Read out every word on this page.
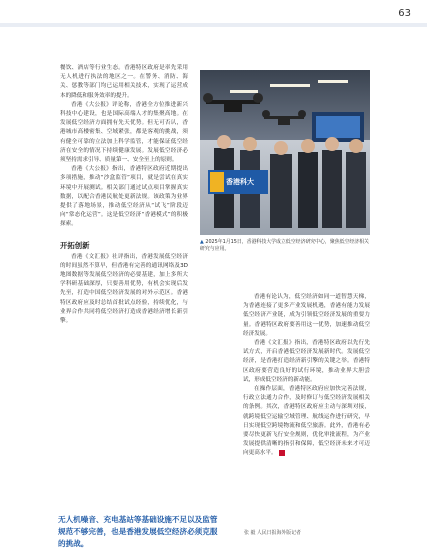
63

餐饮、酒店等行业生态。香港特区政府是率先采用无人机进行执法的地区之一。在警务、消防、海关、惩教等部门均已运用相关技术，实现了运营成本的降低和服务效率的提升。

香港《大公报》评论称，香港全方位推进新兴科技中心建设，也是国际高端人才的集聚高地。在发展低空经济方面拥有先天优势。但无可否认，香港城市高楼密集、空域紧张，都是客观的挑战，须有健全可靠的立法加上科学监管，才能保证低空经济在安全的情况下持续健康发展。发展低空经济必须坚持需求引导、质量第一、安全至上的原则。

香港《大公报》指出，香港特区政府近期提出多项措施，推动“沙盒监管”项目，就是尝试在真实环境中开展测试。相关部门通过试点项目掌握真实数据，以配合香港民航处更新法规。该政策为业界提供了落地场景，推动低空经济从“试飞”阶段迈向“常态化运营”。这是低空经济“香港模式”的积极探索。

开拓创新

香港《文汇报》社评指出，香港发展低空经济的时间虽然不算早，但香港有完善的通讯网络及3D地图数据等发展低空经济的必要基建，加上多所大学科研基础深厚，只要善用优势，有机会实现后发先至，打造中国低空经济发展的对外示范区。香港特区政府应及时总结首批试点经验，持续优化，与业界合作共同将低空经济打造成香港经济增长新引擎。

香港科大
▲ 2025年1月15日，香港科技大学成立低空经济研究中心，聚焦低空经济相关研究与应用。

香港有论认为，低空经济如同一道智慧天梯，为香港连接了更多产业发展机遇，香港有能力发展低空经济产业链，成为引领低空经济发展的重要力量。香港特区政府要善用这一优势，加速推动低空经济发展。

香港《文汇报》指出，香港特区政府以先行先试方式，开启香港低空经济发展新时代。发展低空经济，是香港打造经济新引擎的关键之举。香港特区政府要营造良好的试行环境，推动业界大胆尝试，形成低空经济的新动能。

在操作层面，香港特区政府应加快完善法规，行政立法通力合作，及时修订与低空经济发展相关的条例。其次，香港特区政府应主动与深圳对接，就跨境低空运输空域管理、航线运作进行研究，早日实现低空跨境物流和低空旅游。此外，香港有必要尽快更新飞行安全规则，优化审批流程，为产业发展提供清晰的指引和保障，低空经济未来才可迈向更高水平。	完

无人机噪音、充电基站等基础设施不足以及监管规范不够完善，也是香港发展低空经济必须克服的挑战。
张 毅 人民日报海外版记者
